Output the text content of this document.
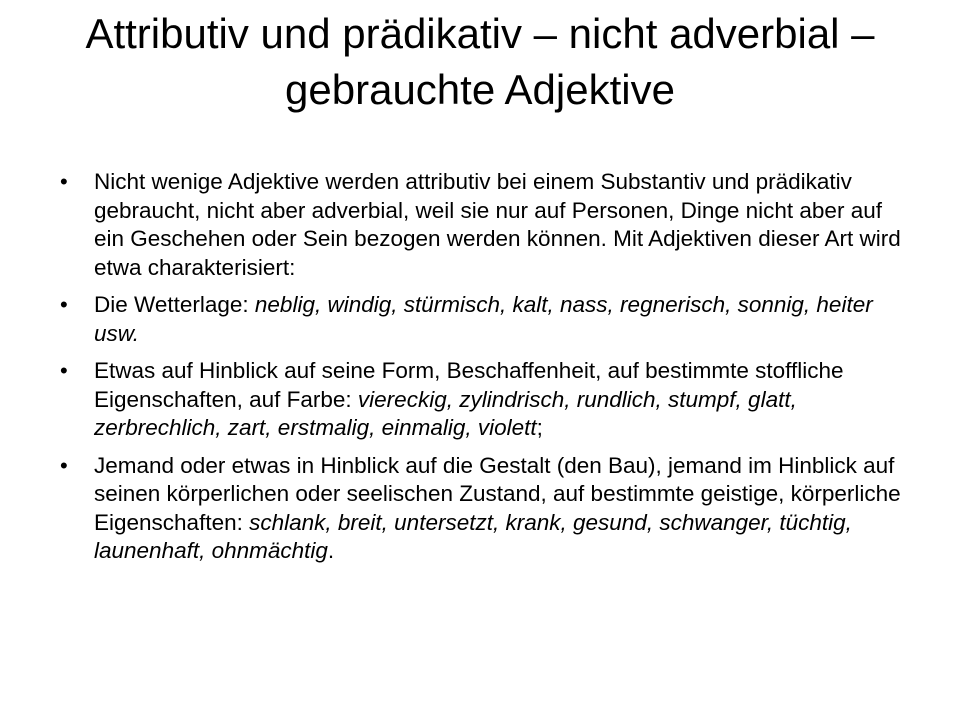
Attributiv und prädikativ – nicht adverbial – gebrauchte Adjektive
• Nicht wenige Adjektive werden attributiv bei einem Substantiv und prädikativ gebraucht, nicht aber adverbial, weil sie nur auf Personen, Dinge nicht aber auf ein Geschehen oder Sein bezogen werden können. Mit Adjektiven dieser Art wird etwa charakterisiert:
• Die Wetterlage: neblig, windig, stürmisch, kalt, nass, regnerisch, sonnig, heiter usw.
• Etwas auf Hinblick auf seine Form, Beschaffenheit, auf bestimmte stoffliche Eigenschaften, auf Farbe: viereckig, zylindrisch, rundlich, stumpf, glatt, zerbrechlich, zart, erstmalig, einmalig, violett;
• Jemand oder etwas in Hinblick auf die Gestalt (den Bau), jemand im Hinblick auf seinen körperlichen oder seelischen Zustand, auf bestimmte geistige, körperliche Eigenschaften: schlank, breit, untersetzt, krank, gesund, schwanger, tüchtig, launenhaft, ohnmächtig.
